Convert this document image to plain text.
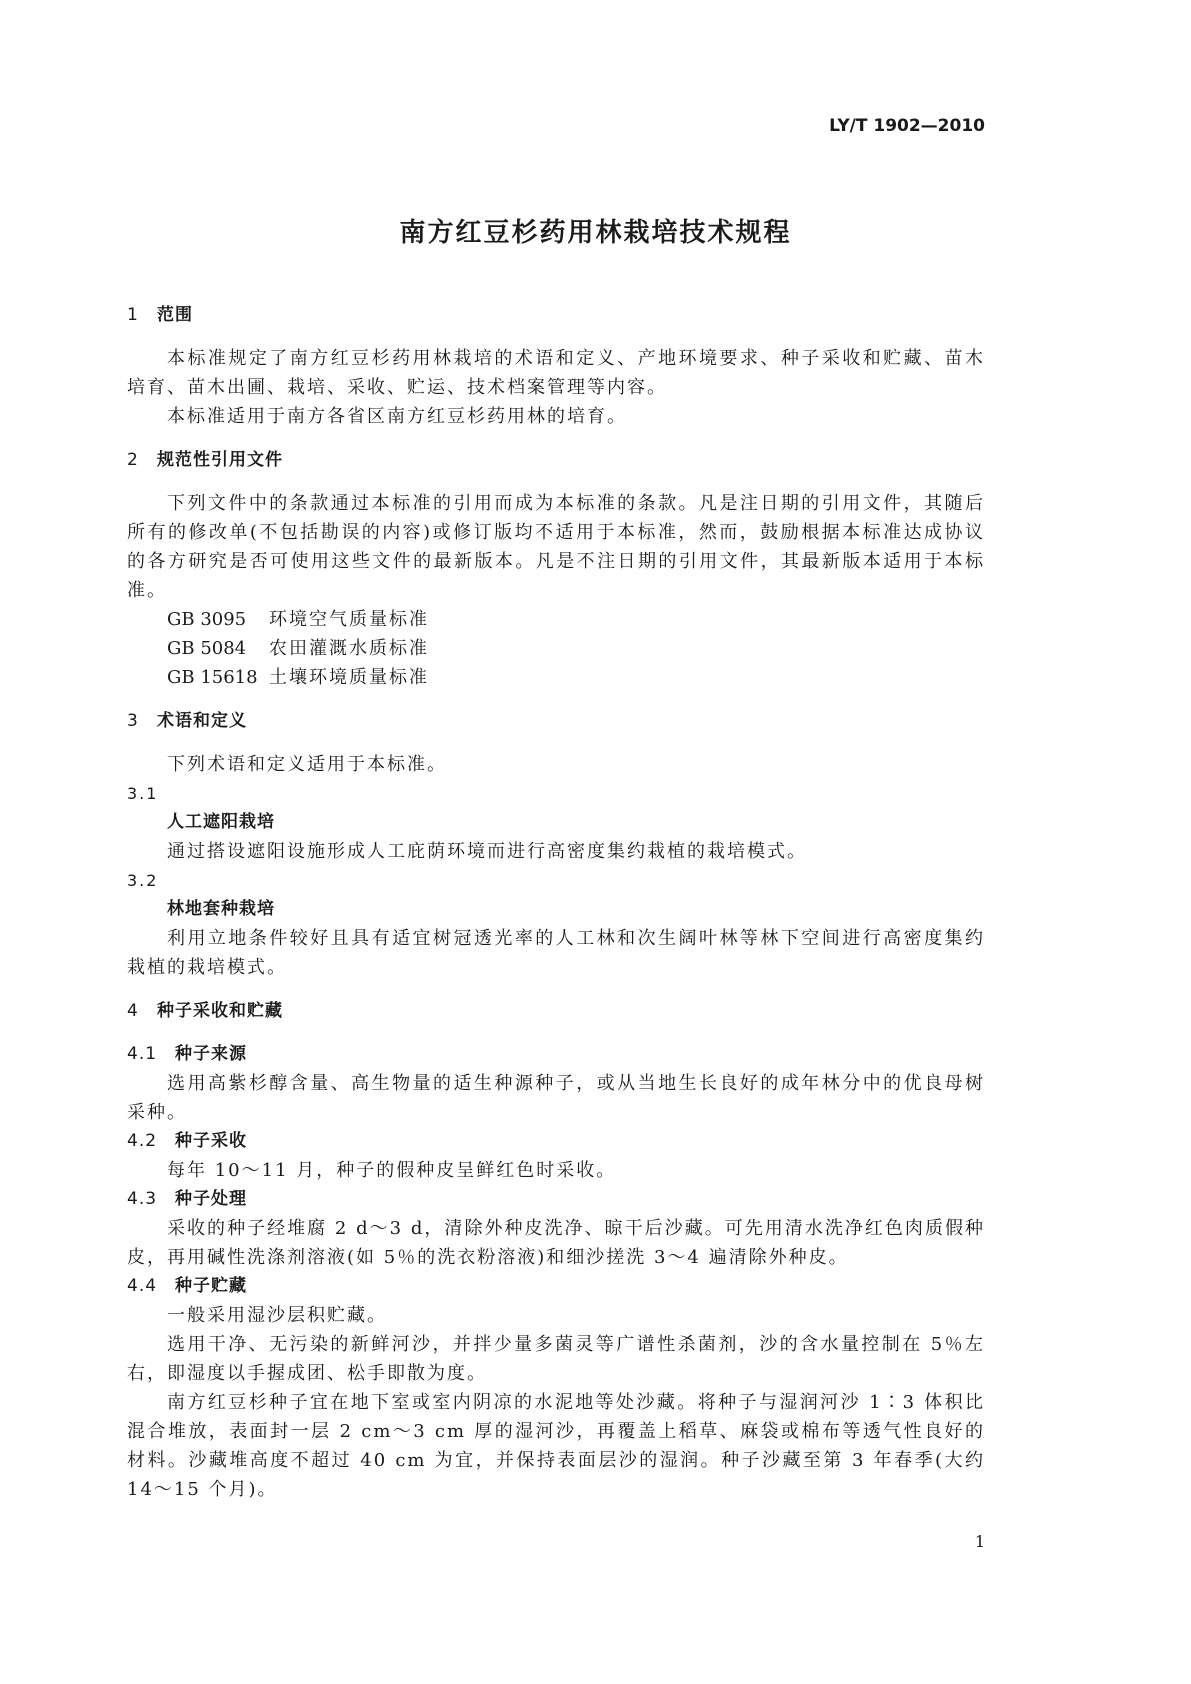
LY/T 1902—2010
南方红豆杉药用林栽培技术规程
1 范围
本标准规定了南方红豆杉药用林栽培的术语和定义、产地环境要求、种子采收和贮藏、苗木培育、苗木出圃、栽培、采收、贮运、技术档案管理等内容。
本标准适用于南方各省区南方红豆杉药用林的培育。
2 规范性引用文件
下列文件中的条款通过本标准的引用而成为本标准的条款。凡是注日期的引用文件，其随后所有的修改单(不包括勘误的内容)或修订版均不适用于本标准，然而，鼓励根据本标准达成协议的各方研究是否可使用这些文件的最新版本。凡是不注日期的引用文件，其最新版本适用于本标准。
GB 3095 环境空气质量标准
GB 5084 农田灌溉水质标准
GB 15618 土壤环境质量标准
3 术语和定义
下列术语和定义适用于本标准。
3.1
人工遮阳栽培
通过搭设遮阳设施形成人工庇荫环境而进行高密度集约栽植的栽培模式。
3.2
林地套种栽培
利用立地条件较好且具有适宜树冠透光率的人工林和次生阔叶林等林下空间进行高密度集约栽植的栽培模式。
4 种子采收和贮藏
4.1 种子来源
选用高紫杉醇含量、高生物量的适生种源种子，或从当地生长良好的成年林分中的优良母树采种。
4.2 种子采收
每年 10～11 月，种子的假种皮呈鲜红色时采收。
4.3 种子处理
采收的种子经堆腐 2 d～3 d，清除外种皮洗净、晾干后沙藏。可先用清水洗净红色肉质假种皮，再用碱性洗涤剂溶液(如 5％的洗衣粉溶液)和细沙搓洗 3～4 遍清除外种皮。
4.4 种子贮藏
一般采用湿沙层积贮藏。
选用干净、无污染的新鲜河沙，并拌少量多菌灵等广谱性杀菌剂，沙的含水量控制在 5％左右，即湿度以手握成团、松手即散为度。
南方红豆杉种子宜在地下室或室内阴凉的水泥地等处沙藏。将种子与湿润河沙 1∶3 体积比混合堆放，表面封一层 2 cm～3 cm 厚的湿河沙，再覆盖上稻草、麻袋或棉布等透气性良好的材料。沙藏堆高度不超过 40 cm 为宜，并保持表面层沙的湿润。种子沙藏至第 3 年春季(大约 14～15 个月)。
1
